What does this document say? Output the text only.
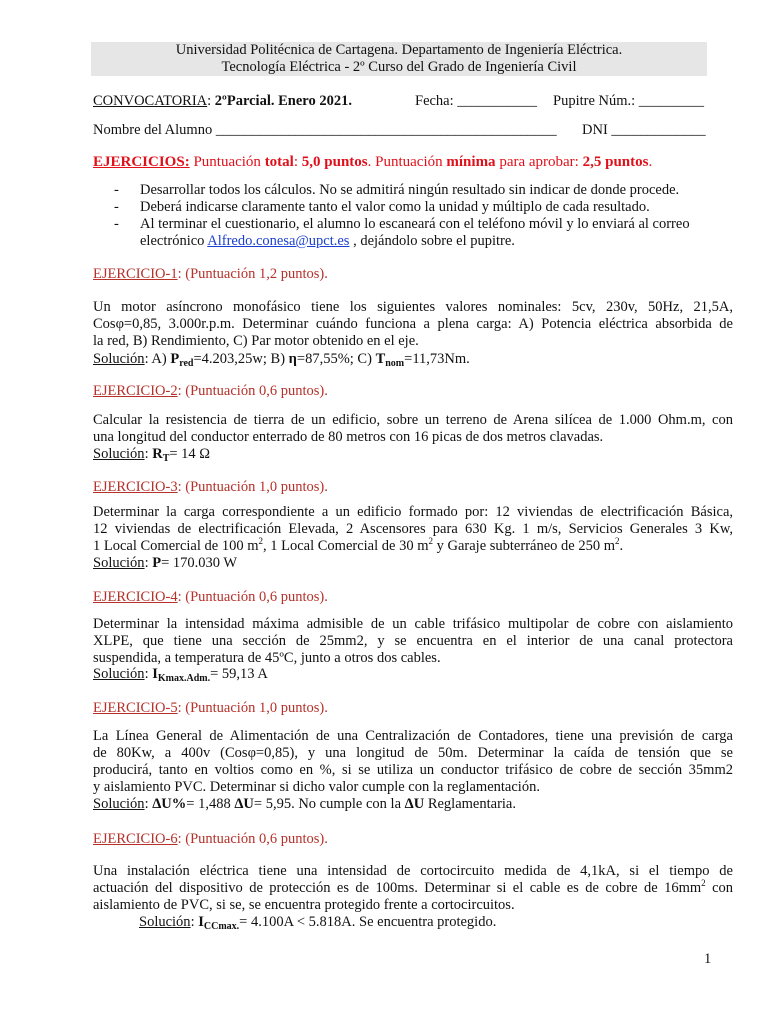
Universidad Politécnica de Cartagena. Departamento de Ingeniería Eléctrica.
Tecnología Eléctrica - 2º Curso del Grado de Ingeniería Civil
CONVOCATORIA: 2ºParcial. Enero 2021.	Fecha: ___________ Pupitre Núm.: _________
Nombre del Alumno _______________________________________________ DNI _____________
EJERCICIOS: Puntuación total: 5,0 puntos. Puntuación mínima para aprobar: 2,5 puntos.
- Desarrollar todos los cálculos. No se admitirá ningún resultado sin indicar de donde procede.
- Deberá indicarse claramente tanto el valor como la unidad y múltiplo de cada resultado.
- Al terminar el cuestionario, el alumno lo escaneará con el teléfono móvil y lo enviará al correo
electrónico Alfredo.conesa@upct.es , dejándolo sobre el pupitre.
EJERCICIO-1: (Puntuación 1,2 puntos).
Un motor asíncrono monofásico tiene los siguientes valores nominales: 5cv, 230v, 50Hz, 21,5A,
Cosφ=0,85, 3.000r.p.m. Determinar cuándo funciona a plena carga: A) Potencia eléctrica absorbida de
la red, B) Rendimiento, C) Par motor obtenido en el eje.
Solución: A) $P_{red}=4.203,25w$; B) η=87,55%; C) $T_{nom}=11,73Nm$.
EJERCICIO-2: (Puntuación 0,6 puntos).
Calcular la resistencia de tierra de un edificio, sobre un terreno de Arena silícea de 1.000 Ohm.m, con
una longitud del conductor enterrado de 80 metros con 16 picas de dos metros clavadas.
Solución: $R_T= 14$ Ω
EJERCICIO-3: (Puntuación 1,0 puntos).
Determinar la carga correspondiente a un edificio formado por: 12 viviendas de electrificación Básica,
12 viviendas de electrificación Elevada, 2 Ascensores para 630 Kg. 1 m/s, Servicios Generales 3 Kw,
1 Local Comercial de 100 $m^2$, 1 Local Comercial de 30 $m^2$ y Garaje subterráneo de 250 $m^2$.
Solución: P= 170.030 W
EJERCICIO-4: (Puntuación 0,6 puntos).
Determinar la intensidad máxima admisible de un cable trifásico multipolar de cobre con aislamiento
XLPE, que tiene una sección de 25mm2, y se encuentra en el interior de una canal protectora
suspendida, a temperatura de 45ºC, junto a otros dos cables.
Solución: $I_{Kmax.Adm.}= 59,13$ A
EJERCICIO-5: (Puntuación 1,0 puntos).
La Línea General de Alimentación de una Centralización de Contadores, tiene una previsión de carga
de 80Kw, a 400v (Cosφ=0,85), y una longitud de 50m. Determinar la caída de tensión que se
producirá, tanto en voltios como en %, si se utiliza un conductor trifásico de cobre de sección 35mm2
y aislamiento PVC. Determinar si dicho valor cumple con la reglamentación.
Solución: ΔU%= 1,488 ΔU= 5,95. No cumple con la ΔU Reglamentaria.
EJERCICIO-6: (Puntuación 0,6 puntos).
Una instalación eléctrica tiene una intensidad de cortocircuito medida de 4,1kA, si el tiempo de
actuación del dispositivo de protección es de 100ms. Determinar si el cable es de cobre de $16mm^2$ con
aislamiento de PVC, si se, se encuentra protegido frente a cortocircuitos.
Solución: $I_{CCmax.}= 4.100A < 5.818A$. Se encuentra protegido.
1
